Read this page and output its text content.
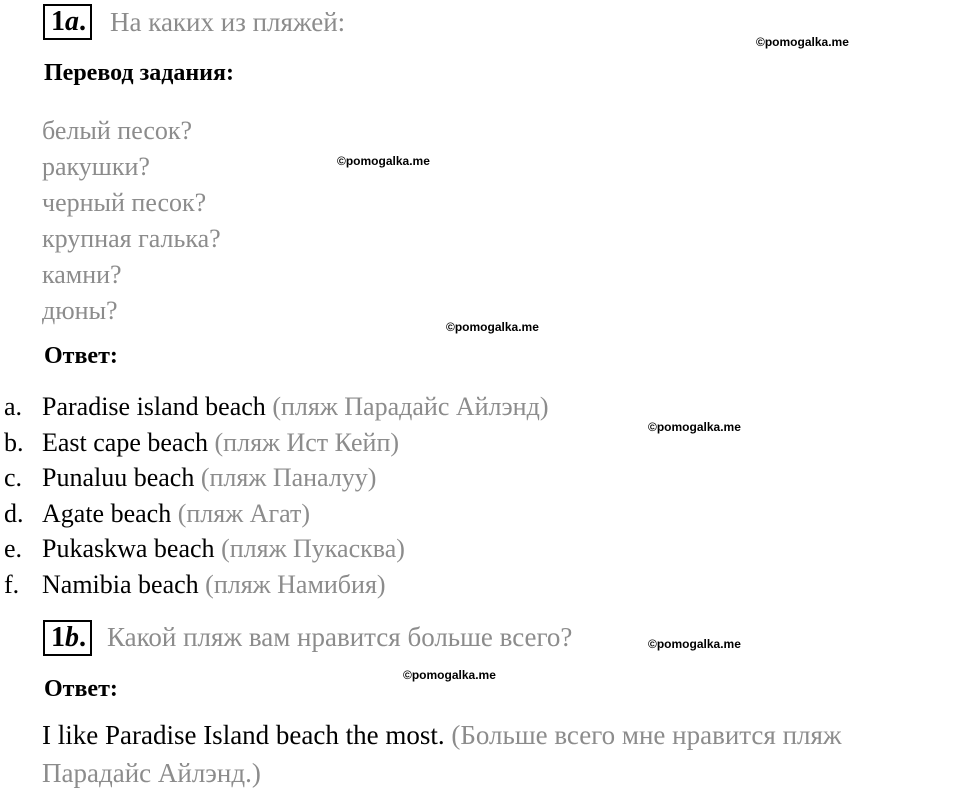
1a. На каких из пляжей:
©pomogalka.me
Перевод задания:
белый песок?
ракушки?
черный песок?
крупная галька?
камни?
дюны?
©pomogalka.me
©pomogalka.me
Ответ:
a. Paradise island beach (пляж Парадайс Айлэнд)
b. East cape beach (пляж Ист Кейп)
c. Punaluu beach (пляж Паналуу)
d. Agate beach (пляж Агат)
e. Pukaskwa beach (пляж Пукасква)
f. Namibia beach (пляж Намибия)
©pomogalka.me
1b. Какой пляж вам нравится больше всего?	©pomogalka.me
©pomogalka.me
Ответ:
I like Paradise Island beach the most. (Больше всего мне нравится пляж Парадайс Айлэнд.)
